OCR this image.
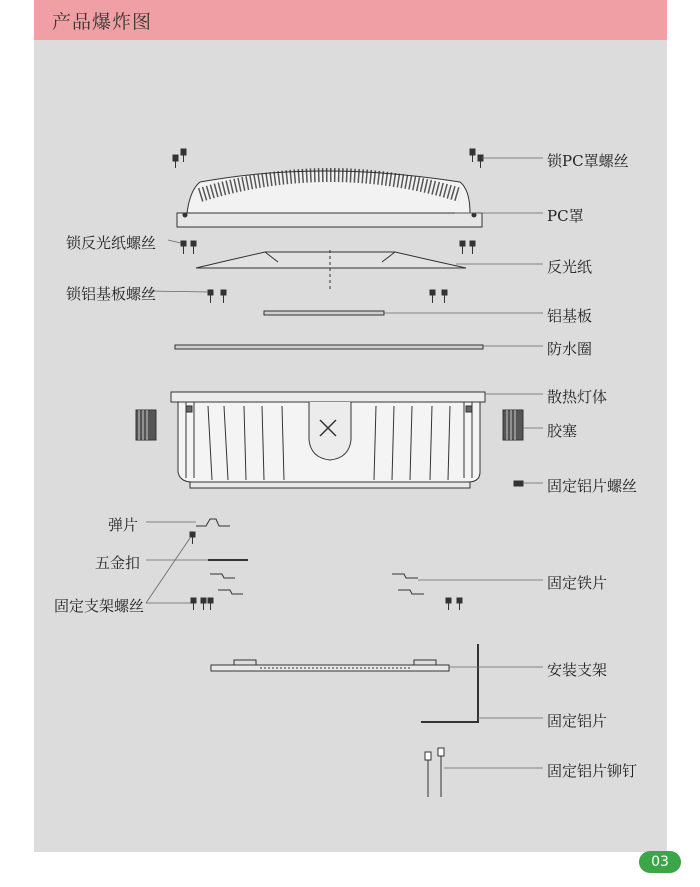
产品爆炸图
锁PC罩螺丝
PC罩
锁反光纸螺丝
反光纸
锁铝基板螺丝
铝基板
防水圈
散热灯体
胶塞
固定铝片螺丝
弹片
五金扣
固定铁片
固定支架螺丝
安装支架
固定铝片
固定铝片铆钉
03
